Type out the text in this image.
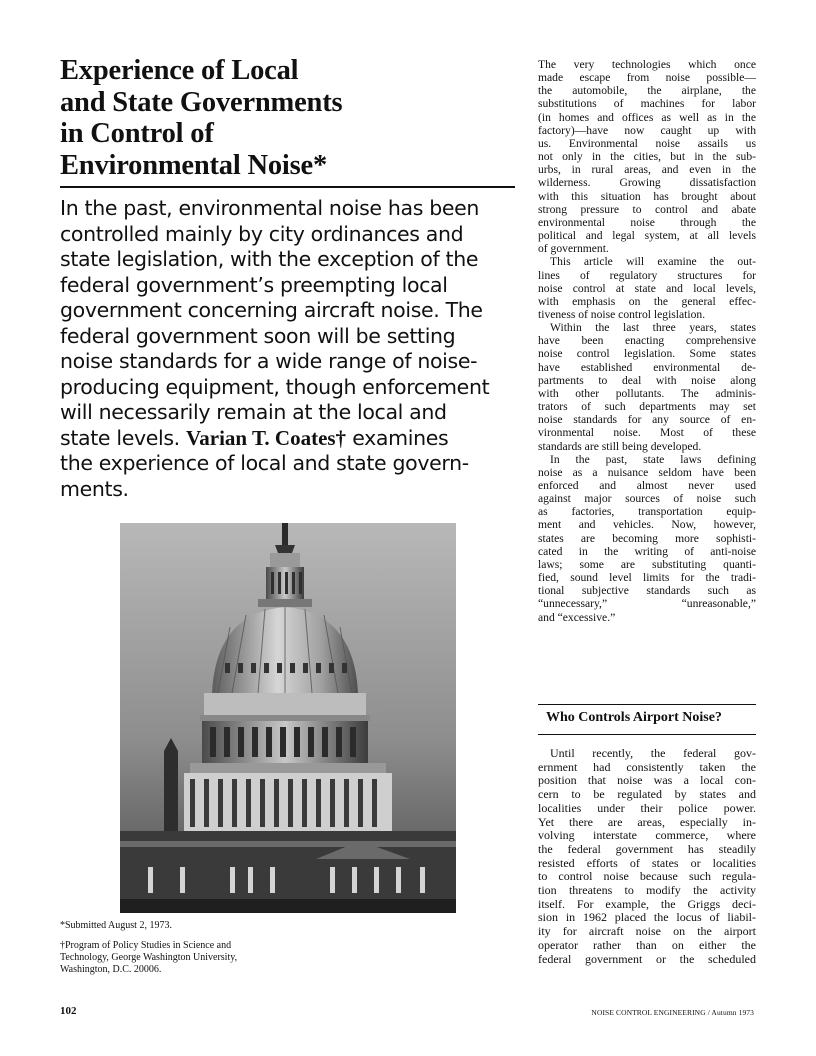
Experience of Local
and State Governments
in Control of
Environmental Noise*
In the past, environmental noise has been
controlled mainly by city ordinances and
state legislation, with the exception of the
federal government’s preempting local
government concerning aircraft noise. The
federal government soon will be setting
noise standards for a wide range of noise-
producing equipment, though enforcement
will necessarily remain at the local and
state levels. Varian T. Coates† examines
the experience of local and state govern-
ments.

*Submitted August 2, 1973.

†Program of Policy Studies in Science and
Technology, George Washington University,
Washington, D.C. 20006.

The very technologies which once
made escape from noise possible—
the automobile, the airplane, the
substitutions of machines for labor
(in homes and offices as well as in the
factory)—have now caught up with
us. Environmental noise assails us
not only in the cities, but in the sub-
urbs, in rural areas, and even in the
wilderness. Growing dissatisfaction
with this situation has brought about
strong pressure to control and abate
environmental noise through the
political and legal system, at all levels
of government.
This article will examine the out-
lines of regulatory structures for
noise control at state and local levels,
with emphasis on the general effec-
tiveness of noise control legislation.
Within the last three years, states
have been enacting comprehensive
noise control legislation. Some states
have established environmental de-
partments to deal with noise along
with other pollutants. The adminis-
trators of such departments may set
noise standards for any source of en-
vironmental noise. Most of these
standards are still being developed.
In the past, state laws defining
noise as a nuisance seldom have been
enforced and almost never used
against major sources of noise such
as factories, transportation equip-
ment and vehicles. Now, however,
states are becoming more sophisti-
cated in the writing of anti-noise
laws; some are substituting quanti-
fied, sound level limits for the tradi-
tional subjective standards such as
“unnecessary,” “unreasonable,”
and “excessive.”
Who Controls Airport Noise?
Until recently, the federal gov-
ernment had consistently taken the
position that noise was a local con-
cern to be regulated by states and
localities under their police power.
Yet there are areas, especially in-
volving interstate commerce, where
the federal government has steadily
resisted efforts of states or localities
to control noise because such regula-
tion threatens to modify the activity
itself. For example, the Griggs deci-
sion in 1962 placed the locus of liabil-
ity for aircraft noise on the airport
operator rather than on either the
federal government or the scheduled
102	NOISE CONTROL ENGINEERING / Autumn 1973
